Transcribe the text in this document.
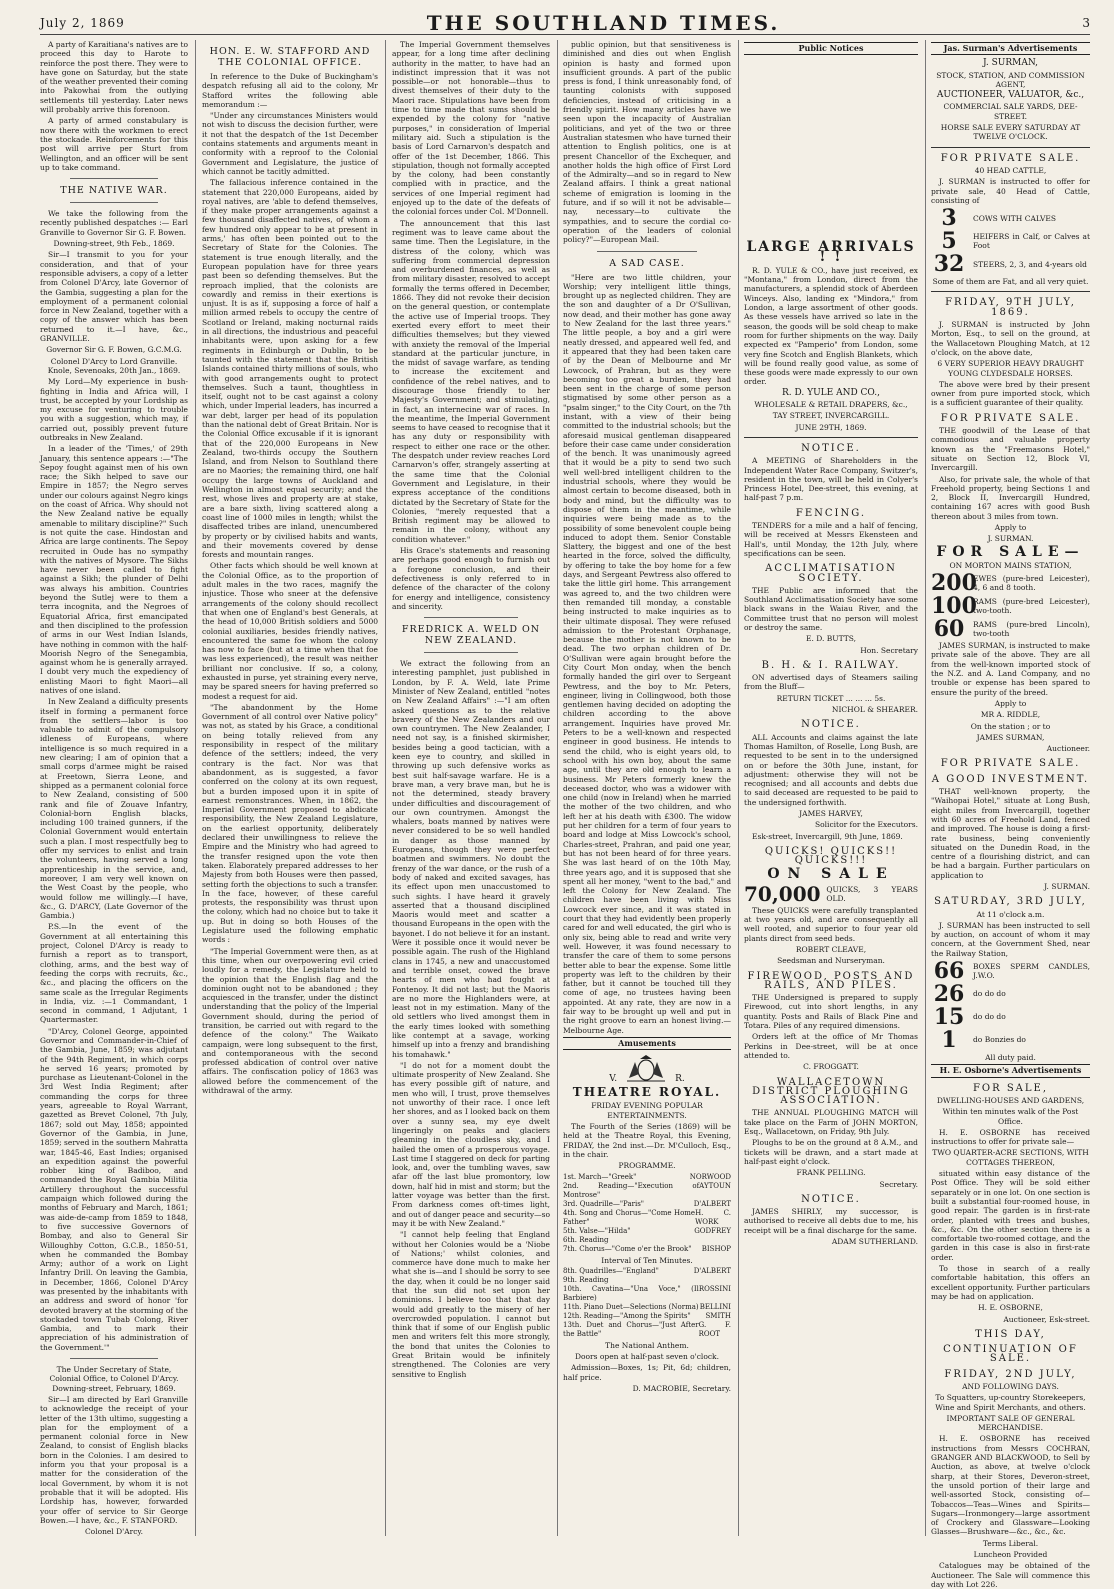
July 2, 1869	THE SOUTHLAND TIMES.	3

A party of Karaitiana's natives are to proceed this day to Harote to reinforce the post there. They were to have gone on Saturday, but the state of the weather prevented their coming into Pakowhai from the outlying settlements till yesterday. Later news will probably arrive this forenoon.

A party of armed constabulary is now there with the workmen to erect the stockade. Reinforcements for this post will arrive per Sturt from Wellington, and an officer will be sent up to take command.

THE NATIVE WAR.

We take the following from the recently published despatches :— Earl Granville to Governor Sir G. F. Bowen.

Downing-street, 9th Feb., 1869.

Sir—I transmit to you for your consideration, and that of your responsible advisers, a copy of a letter from Colonel D'Arcy, late Governor of the Gambia, suggesting a plan for the employment of a permanent colonial force in New Zealand, together with a copy of the answer which has been returned to it.—I have, &c., GRANVILLE.

Governor Sir G. F. Bowen, G.C.M.G.
Colonel D'Arcy to Lord Granville. Knole, Sevenoaks, 20th Jan., 1869.

My Lord—My experience in bush-fighting in India and Africa will, I trust, be accepted by your Lordship as my excuse for venturing to trouble you with a suggestion, which may, if carried out, possibly prevent future outbreaks in New Zealand.

In a leader of the 'Times,' of 29th January, this sentence appears :—"The Sepoy fought against men of his own race; the Sikh helped to save our Empire in 1857; the Negro serves under our colours against Negro kings on the coast of Africa. Why should not the New Zealand native be equally amenable to military discipline?" Such is not quite the case. Hindostan and Africa are large continents. The Sepoy recruited in Oude has no sympathy with the natives of Mysore. The Sikhs have never been called to fight against a Sikh; the plunder of Delhi was always his ambition. Countries beyond the Sutlej were to them a terra incognita, and the Negroes of Equatorial Africa, first emancipated and then disciplined to the profession of arms in our West Indian Islands, have nothing in common with the half-Moorish Negro of the Senegambia, against whom he is generally arrayed. I doubt very much the expediency of enlisting Maori to fight Maori—all natives of one island.

In New Zealand a difficulty presents itself in forming a permanent force from the settlers—labor is too valuable to admit of the compulsory idleness of Europeans, where intelligence is so much required in a new clearing; I am of opinion that a small corps d'armee might be raised at Freetown, Sierra Leone, and shipped as a permanent colonial force to New Zealand, consisting of 500 rank and file of Zouave Infantry, Colonial-born English blacks, including 100 trained gunners, if the Colonial Government would entertain such a plan. I most respectfully beg to offer my services to enlist and train the volunteers, having served a long apprenticeship in the service, and, moreover, I am very well known on the West Coast by the people, who would follow me willingly.—I have, &c., G. D'ARCY, (Late Governor of the Gambia.)

P.S.—In the event of the Government at all entertaining this project, Colonel D'Arcy is ready to furnish a report as to transport, clothing, arms, and the best way of feeding the corps with recruits, &c., &c., and placing the officers on the same scale as the Irregular Regiments in India, viz. :—1 Commandant, 1 second in command, 1 Adjutant, 1 Quartermaster.

"D'Arcy, Colonel George, appointed Governor and Commander-in-Chief of the Gambia, June, 1859; was adjutant of the 94th Regiment, in which corps he served 16 years; promoted by purchase as Lieutenant-Colonel in the 3rd West India Regiment; after commanding the corps for three years, agreeable to Royal Warrant, gazetted as Brevet Colonel, 7th July, 1867; sold out May, 1858; appointed Governor of the Gambia, in June, 1859; served in the southern Mahratta war, 1845-46, East Indies; organised an expedition against the powerful robber king of Badiboo, and commanded the Royal Gambia Militia Artillery throughout the successful campaign which followed during the months of February and March, 1861; was aide-de-camp from 1859 to 1848, to five successive Governors of Bombay, and also to General Sir Willoughby Cotton, G.C.B., 1850-51, when he commanded the Bombay Army; author of a work on Light Infantry Drill. On leaving the Gambia, in December, 1866, Colonel D'Arcy was presented by the inhabitants with an address and sword of honor 'for devoted bravery at the storming of the stockaded town Tubab Colong, River Gambia, and to mark their appreciation of his administration of the Government.'"

The Under Secretary of State, Colonial Office, to Colonel D'Arcy. Downing-street, February, 1869.

Sir—I am directed by Earl Granville to acknowledge the receipt of your letter of the 13th ultimo, suggesting a plan for the employment of a permanent colonial force in New Zealand, to consist of English blacks born in the Colonies. I am desired to inform you that your proposal is a matter for the consideration of the local Government, by whom it is not probable that it will be adopted. His Lordship has, however, forwarded your offer of service to Sir George Bowen.—I have, &c., F. STANFORD.

Colonel D'Arcy.
HON. E. W. STAFFORD AND THE COLONIAL OFFICE.

In reference to the Duke of Buckingham's despatch refusing all aid to the colony, Mr Stafford writes the following able memorandum :—

"Under any circumstances Ministers would not wish to discuss the decision further, were it not that the despatch of the 1st December contains statements and arguments meant in conformity with a reproof to the Colonial Government and Legislature, the justice of which cannot be tacitly admitted.

The fallacious inference contained in the statement that 220,000 Europeans, aided by royal natives, are 'able to defend themselves, if they make proper arrangements against a few thousand disaffected natives, of whom a few hundred only appear to be at present in arms,' has often been pointed out to the Secretary of State for the Colonies. The statement is true enough literally, and the European population have for three years past been so defending themselves. But the reproach implied, that the colonists are cowardly and remiss in their exertions is unjust. It is as if, supposing a force of half a million armed rebels to occupy the centre of Scotland or Ireland, making nocturnal raids in all directions, the industrious and peaceful inhabitants were, upon asking for a few regiments in Edinburgh or Dublin, to be taunted with the statement that the British Islands contained thirty millions of souls, who with good arrangements ought to protect themselves. Such a taunt, thoughtless in itself, ought not to be cast against a colony which, under Imperial leaders, has incurred a war debt, larger per head of its population than the national debt of Great Britain. Nor is the Colonial Office excusable if it is ignorant that of the 220,000 Europeans in New Zealand, two-thirds occupy the Southern Island, and from Nelson to Southland there are no Maories; the remaining third, one half occupy the large towns of Auckland and Wellington in almost equal security; and the rest, whose lives and property are at stake, are a bare sixth, living scattered along a coast line of 1000 miles in length; whilst the disaffected tribes are inland, unencumbered by property or by civilised habits and wants, and their movements covered by dense forests and mountain ranges.

Other facts which should be well known at the Colonial Office, as to the proportion of adult males in the two races, magnify the injustice. Those who sneer at the defensive arrangements of the colony should recollect that when one of England's best Generals, at the head of 10,000 British soldiers and 5000 colonial auxiliaries, besides friendly natives, encountered the same foe whom the colony has now to face (but at a time when that foe was less experienced), the result was neither brilliant nor conclusive. If so, a colony, exhausted in purse, yet straining every nerve, may be spared sneers for having preferred so modest a request for aid.

"The abandonment by the Home Government of all control over Native policy" was not, as stated by his Grace, a conditional on being totally relieved from any responsibility in respect of the military defence of the settlers; indeed, the very contrary is the fact. Nor was that abandonment, as is suggested, a favor conferred on the colony at its own request, but a burden imposed upon it in spite of earnest remonstrances. When, in 1862, the Imperial Government proposed to abdicate responsibility, the New Zealand Legislature, on the earliest opportunity, deliberately declared their unwillingness to relieve the Empire and the Ministry who had agreed to the transfer resigned upon the vote then taken. Elaborately prepared addresses to her Majesty from both Houses were then passed, setting forth the objections to such a transfer. In the face, however, of these careful protests, the responsibility was thrust upon the colony, which had no choice but to take it up. But in doing so both Houses of the Legislature used the following emphatic words :

"The Imperial Government were then, as at this time, when our overpowering evil cried loudly for a remedy, the Legislature held to the opinion that the English flag and the dominion ought not to be abandoned ; they acquiesced in the transfer, under the distinct understanding that the policy of the Imperial Government should, during the period of transition, be carried out with regard to the defence of the colony." The Waikato campaign, were long subsequent to the first, and contemporaneous with the second professed abdication of control over native affairs. The confiscation policy of 1863 was allowed before the commencement of the withdrawal of the army.

The Imperial Government themselves appear, for a long time after declining authority in the matter, to have had an indistinct impression that it was not possible—or not honorable—thus to divest themselves of their duty to the Maori race. Stipulations have been from time to time made that sums should be expended by the colony for "native purposes," in consideration of Imperial military aid. Such a stipulation is the basis of Lord Carnarvon's despatch and offer of the 1st December, 1866. This stipulation, though not formally accepted by the colony, had been constantly complied with in practice, and the services of one Imperial regiment had enjoyed up to the date of the defeats of the colonial forces under Col. M'Donnell.

The announcement that this last regiment was to leave came about the same time. Then the Legislature, in the distress of the colony, which was suffering from commercial depression and overburdened finances, as well as from military disaster, resolved to accept formally the terms offered in December, 1866. They did not revoke their decision on the general question, or contemplate the active use of Imperial troops. They exerted every effort to meet their difficulties themselves; but they viewed with anxiety the removal of the Imperial standard at the particular juncture, in the midst of savage warfare, as tending to increase the excitement and confidence of the rebel natives, and to discourage those friendly to her Majesty's Government; and stimulating, in fact, an internecine war of races. In the meantime, the Imperial Government seems to have ceased to recognise that it has any duty or responsibility with respect to either one race or the other. The despatch under review reaches Lord Carnarvon's offer, strangely asserting at the same time that the Colonial Government and Legislature, in their express acceptance of the conditions dictated by the Secretary of State for the Colonies, "merely requested that a British regiment may be allowed to remain in the colony, without any condition whatever."

His Grace's statements and reasoning are perhaps good enough to furnish out a foregone conclusion, and their defectiveness is only referred to in defence of the character of the colony for energy and intelligence, consistency and sincerity.

FREDRICK A. WELD ON NEW ZEALAND.

We extract the following from an interesting pamphlet, just published in London, by F. A. Weld, late Prime Minister of New Zealand, entitled "notes on New Zealand Affairs" :—"I am often asked questions as to the relative bravery of the New Zealanders and our own countrymen. The New Zealander, I need not say, is a finished skirmisher, besides being a good tactician, with a keen eye to country, and skilled in throwing up such defensive works as best suit half-savage warfare. He is a brave man, a very brave man, but he is not the determined, steady bravery under difficulties and discouragement of our own countrymen. Amongst the whalers, boats manned by natives were never considered to be so well handled in danger as those manned by Europeans, though they were perfect boatmen and swimmers. No doubt the frenzy of the war dance, or the rush of a body of naked and excited savages, has its effect upon men unaccustomed to such sights. I have heard it gravely asserted that a thousand disciplined Maoris would meet and scatter a thousand Europeans in the open with the bayonet. I do not believe it for an instant. Were it possible once it would never be possible again. The rush of the Highland clans in 1745, a new and unaccustomed and terrible onset, cowed the brave hearts of men who had fought at Fontenoy. It did not last; but the Maoris are no more the Highlanders were, at least not in my estimation. Many of the old settlers who lived amongst them in the early times looked with something like contempt at a savage, working himself up into a frenzy and brandishing his tomahawk."

"I do not for a moment doubt the ultimate prosperity of New Zealand. She has every possible gift of nature, and men who will, I trust, prove themselves not unworthy of their race. I once left her shores, and as I looked back on them over a sunny sea, my eye dwelt lingeringly on peaks and glaciers gleaming in the cloudless sky, and I hailed the omen of a prosperous voyage. Last time I staggered on deck for parting look, and, over the tumbling waves, saw afar off the last blue promontory, low down, half hid in mist and storm; but the latter voyage was better than the first. From darkness comes oft-times light, and out of danger peace and security—so may it be with New Zealand."

"I cannot help feeling that England without her Colonies would be a 'Niobe of Nations;' whilst colonies, and commerce have done much to make her what she is—and I should be sorry to see the day, when it could be no longer said that the sun did not set upon her dominions. I believe too that that day would add greatly to the misery of her overcrowded population. I cannot but think that if some of our English public men and writers felt this more strongly, the bond that unites the Colonies to Great Britain would be infinitely strengthened. The Colonies are very sensitive to English

public opinion, but that sensitiveness is diminished and dies out when English opinion is hasty and formed upon insufficient grounds. A part of the public press is fond, I think unreasonably fond, of taunting colonists with supposed deficiencies, instead of criticising in a friendly spirit. How many articles have we seen upon the incapacity of Australian politicians, and yet of the two or three Australian statesmen who have turned their attention to English politics, one is at present Chancellor of the Exchequer, and another holds the high office of First Lord of the Admiralty—and so in regard to New Zealand affairs. I think a great national scheme of emigration is looming in the future, and if so will it not be advisable—nay, necessary—to cultivate the sympathies, and to secure the cordial co-operation of the leaders of colonial policy?"—European Mail.

A SAD CASE.

"Here are two little children, your Worship; very intelligent little things, brought up as neglected children. They are the son and daughter of a Dr O'Sullivan, now dead, and their mother has gone away to New Zealand for the last three years." The little people, a boy and a girl were neatly dressed, and appeared well fed, and it appeared that they had been taken care of by the Dean of Melbourne and Mr Lowcock, of Prahran, but as they were becoming too great a burden, they had been sent in the charge of some person stigmatised by some other person as a "psalm singer," to the City Court, on the 7th instant, with a view of their being committed to the industrial schools; but the aforesaid musical gentleman disappeared before their case came under consideration of the bench. It was unanimously agreed that it would be a pity to send two such well well-bred intelligent children to the industrial schools, where they would be almost certain to become diseased, both in body and mind, but the difficulty was to dispose of them in the meantime, while inquiries were being made as to the possibility of some benevolent couple being induced to adopt them. Senior Constable Slattery, the biggest and one of the best hearted in the force, solved the difficulty, by offering to take the boy home for a few days, and Sergeant Pewtress also offered to take the little girl home. This arrangement was agreed to, and the two children were then remanded till monday, a constable being instructed to make inquiries as to their ultimate disposal. They were refused admission to the Protestant Orphanage, because the mother is not known to be dead. The two orphan children of Dr. O'Sullivan were again brought before the City Court Mon onday, when the bench formally handed the girl over to Sergeant Pewtress, and the boy to Mr. Peters, engineer, living in Collingwood, both those gentlemen having decided on adopting the children according to the above arrangement. Inquiries have proved Mr. Peters to be a well-known and respected engineer in good business. He intends to send the child, who is eight years old, to school with his own boy, about the same age, until they are old enough to learn a business. Mr Peters formerly knew the deceased doctor, who was a widower with one child (now in Ireland) when he married the mother of the two children, and who left her at his death with £300. The widow put her children for a term of four years to board and lodge at Miss Lowcock's school, Charles-street, Prahran, and paid one year, but has not been heard of for three years. She was last heard of on the 10th May, three years ago, and it is supposed that she spent all her money, "went to the bad," and left the Colony for New Zealand. The children have been living with Miss Lowcock ever since, and it was stated in court that they had evidently been properly cared for and well educated, the girl who is only six, being able to read and write very well. However, it was found necessary to transfer the care of them to some persons better able to bear the expense. Some little property was left to the children by their father, but it cannot be touched till they come of age, no trustees having been appointed. At any rate, they are now in a fair way to be brought up well and put in the right groove to earn an honest living.—Melbourne Age.

Amusements
V.	R.
THEATRE ROYAL.
FRIDAY EVENING POPULAR ENTERTAINMENTS.

The Fourth of the Series (1869) will be held at the Theatre Royal, this Evening, FRIDAY, the 2nd inst.—Dr. M'Culloch, Esq., in the chair.

PROGRAMME.
1st. March—"Greek"	NORWOOD
2nd. Reading—"Execution of Montrose"
AYTOUN
3rd. Quadrille—"Paris"	D'ALBERT
4th. Song and Chorus—"Come Home Father"
H. C. WORK
5th. Valse—"Hilda"	GODFREY
6th. Reading
7th. Chorus—"Come o'er the Brook" BISHOP
Interval of Ten Minutes.
8th. Quadrilles—"England"	D'ALBERT
9th. Reading
10th. Cavatina—"Una Voce," (Il Barbiere)
ROSSINI
11th. Piano Duet—Selections (Norma) BELLINI
12th. Reading—"Among the Spirits" SMITH
13th. Duet and Chorus—"Just After the Battle"
G. F. ROOT
The National Anthem.
Doors open at half-past seven o'clock.

Admission—Boxes, 1s; Pit, 6d; children, half price.

D. MACROBIE, Secretary.
Public Notices
LARGE ARRIVALS ! !

R. D. YULE & CO., have just received, ex "Montana," from London, direct from the manufacturers, a splendid stock of Aberdeen Winceys. Also, landing ex "Mindora," from London, a large assortment of other goods. As these vessels have arrived so late in the season, the goods will be sold cheap to make room for further shipments on the way. Daily expected ex "Pamperio" from London, some very fine Scotch and English Blankets, which will be found really good value, as some of these goods were made expressly to our own order.

R. D. YULE AND CO.,
WHOLESALE & RETAIL DRAPERS, &c.,
TAY STREET, INVERCARGILL.
JUNE 29TH, 1869.
NOTICE.

A MEETING of Shareholders in the Independent Water Race Company, Switzer's, resident in the town, will be held in Colyer's Princess Hotel, Dee-street, this evening, at half-past 7 p.m.

FENCING.

TENDERS for a mile and a half of fencing, will be received at Messrs Ekensteen and Hall's, until Monday, the 12th July, where specifications can be seen.

ACCLIMATISATION SOCIETY.

THE Public are informed that the Southland Acclimatisation Society have some black swans in the Waiau River, and the Committee trust that no person will molest or destroy the same.

E. D. BUTTS,
Hon. Secretary
B. H. & I. RAILWAY.

ON advertised days of Steamers sailing from the Bluff—

RETURN TICKET ... ... ... 5s.
NICHOL & SHEARER.
NOTICE.

ALL Accounts and claims against the late Thomas Hamilton, of Roselle, Long Bush, are requested to be sent in to the undersigned on or before the 30th June, instant, for adjustment: otherwise they will not be recognised; and all accounts and debts due to said deceased are requested to be paid to the undersigned forthwith.

JAMES HARVEY,
Solicitor for the Executors.

Esk-street, Invercargill, 9th June, 1869.

QUICKS! QUICKS!! QUICKS!!!
ON SALE
70,000 QUICKS, 3 YEARS OLD.

These QUICKS were carefully transplanted at two years old, and are consequently all well rooted, and superior to four year old plants direct from seed beds.

ROBERT CLEAVE,
Seedsman and Nurseryman.
FIREWOOD, POSTS AND RAILS, AND PILES.

THE Undersigned is prepared to supply Firewood, cut into short lengths, in any quantity. Posts and Rails of Black Pine and Totara. Piles of any required dimensions.

Orders left at the office of Mr Thomas Perkins in Dee-street, will be at once attended to.

C. FROGGATT.
WALLACETOWN DISTRICT PLOUGHING ASSOCIATION.

THE ANNUAL PLOUGHING MATCH will take place on the Farm of JOHN MORTON, Esq., Wallacetown, on Friday, 9th July.

Ploughs to be on the ground at 8 A.M., and tickets will be drawn, and a start made at half-past eight o'clock.

FRANK PELLING.
Secretary.
NOTICE.

JAMES SHIRLY, my successor, is authorised to receive all debts due to me, his receipt will be a final discharge for the same.

ADAM SUTHERLAND.
Jas. Surman's Advertisements
J. SURMAN,
STOCK, STATION, AND COMMISSION AGENT,
AUCTIONEER, VALUATOR, &c.,
COMMERCIAL SALE YARDS, DEE-STREET.
HORSE SALE EVERY SATURDAY AT TWELVE O'CLOCK.
FOR PRIVATE SALE.
40 HEAD CATTLE,

J. SURMAN is instructed to offer for private sale, 40 Head of Cattle, consisting of

3	COWS WITH CALVES
5	HEIFERS in Calf, or Calves at Foot
32	STEERS, 2, 3, and 4-years old
Some of them are Fat, and all very quiet.
FRIDAY, 9TH JULY, 1869.

J. SURMAN is instructed by John Morton, Esq., to sell on the ground, at the Wallacetown Ploughing Match, at 12 o'clock, on the above date,

6 VERY SUPERIOR HEAVY DRAUGHT YOUNG CLYDESDALE HORSES.

The above were bred by their present owner from pure imported stock, which is a sufficient guarantee of their quality.

FOR PRIVATE SALE.

THE goodwill of the Lease of that commodious and valuable property known as the "Freemasons Hotel," situate on Section 12, Block VI, Invercargill.

Also, for private sale, the whole of that Freehold property, being Sections 1 and 2, Block II, Invercargill Hundred, containing 167 acres with good Bush thereon about 3 miles from town.

Apply to
J. SURMAN.
FOR SALE—
ON MORTON MAINS STATION,
200
EWES (pure-bred Leicester), 4, 6 and 8 tooth.
100
RAMS (pure-bred Leicester), two-tooth.
60	RAMS (pure-bred Lincoln), two-tooth

JAMES SURMAN, is instructed to make private sale of the above. They are all from the well-known imported stock of the N.Z. and A. Land Company, and no trouble or expense has been spared to ensure the purity of the breed.

Apply to
MR A. RIDDLE,
On the station ; or to
JAMES SURMAN,
Auctioneer.
FOR PRIVATE SALE.
A GOOD INVESTMENT.

THAT well-known property, the "Waihopai Hotel," situate at Long Bush, eight miles from Invercargill, together with 60 acres of Freehold Land, fenced and improved. The house is doing a first-rate business, being conveniently situated on the Dunedin Road, in the centre of a flourishing district, and can be had a bargain. Further particulars on application to

J. SURMAN.
SATURDAY, 3RD JULY,
At 11 o'clock a.m.

J. SURMAN has been instructed to sell by auction, on account of whom it may concern, at the Government Shed, near the Railway Station,

66	BOXES SPERM CANDLES, J.W.O.
26	do do do
15	do do do
1	do Bonzies do
All duty paid.
H. E. Osborne's Advertisements
FOR SALE,
DWELLING-HOUSES AND GARDENS,
Within ten minutes walk of the Post Office.

H. E. OSBORNE has received instructions to offer for private sale—

TWO QUARTER-ACRE SECTIONS, WITH COTTAGES THEREON,

situated within easy distance of the Post Office. They will be sold either separately or in one lot. On one section is built a substantial four-roomed house, in good repair. The garden is in first-rate order, planted with trees and bushes, &c., &c. On the other section there is a comfortable two-roomed cottage, and the garden in this case is also in first-rate order.

To those in search of a really comfortable habitation, this offers an excellent opportunity. Further particulars may be had on application.

H. E. OSBORNE,
Auctioneer, Esk-street.
THIS DAY,
CONTINUATION OF SALE.
FRIDAY, 2ND JULY,
AND FOLLOWING DAYS.
To Squatters, up-country Storekeepers, Wine and Spirit Merchants, and others.
IMPORTANT SALE OF GENERAL MERCHANDISE.

H. E. OSBORNE has received instructions from Messrs COCHRAN, GRANGER AND BLACKWOOD, to Sell by Auction, as above, at twelve o'clock sharp, at their Stores, Deveron-street, the unsold portion of their large and well-assorted Stock, consisting of—Tobaccos—Teas—Wines and Spirits—Sugars—Ironmongery—large assortment of Crockery and Glassware—Looking Glasses—Brushware—&c., &c., &c.

Terms Liberal.
Luncheon Provided

Catalogues may be obtained of the Auctioneer. The Sale will commence this day with Lot 226.
